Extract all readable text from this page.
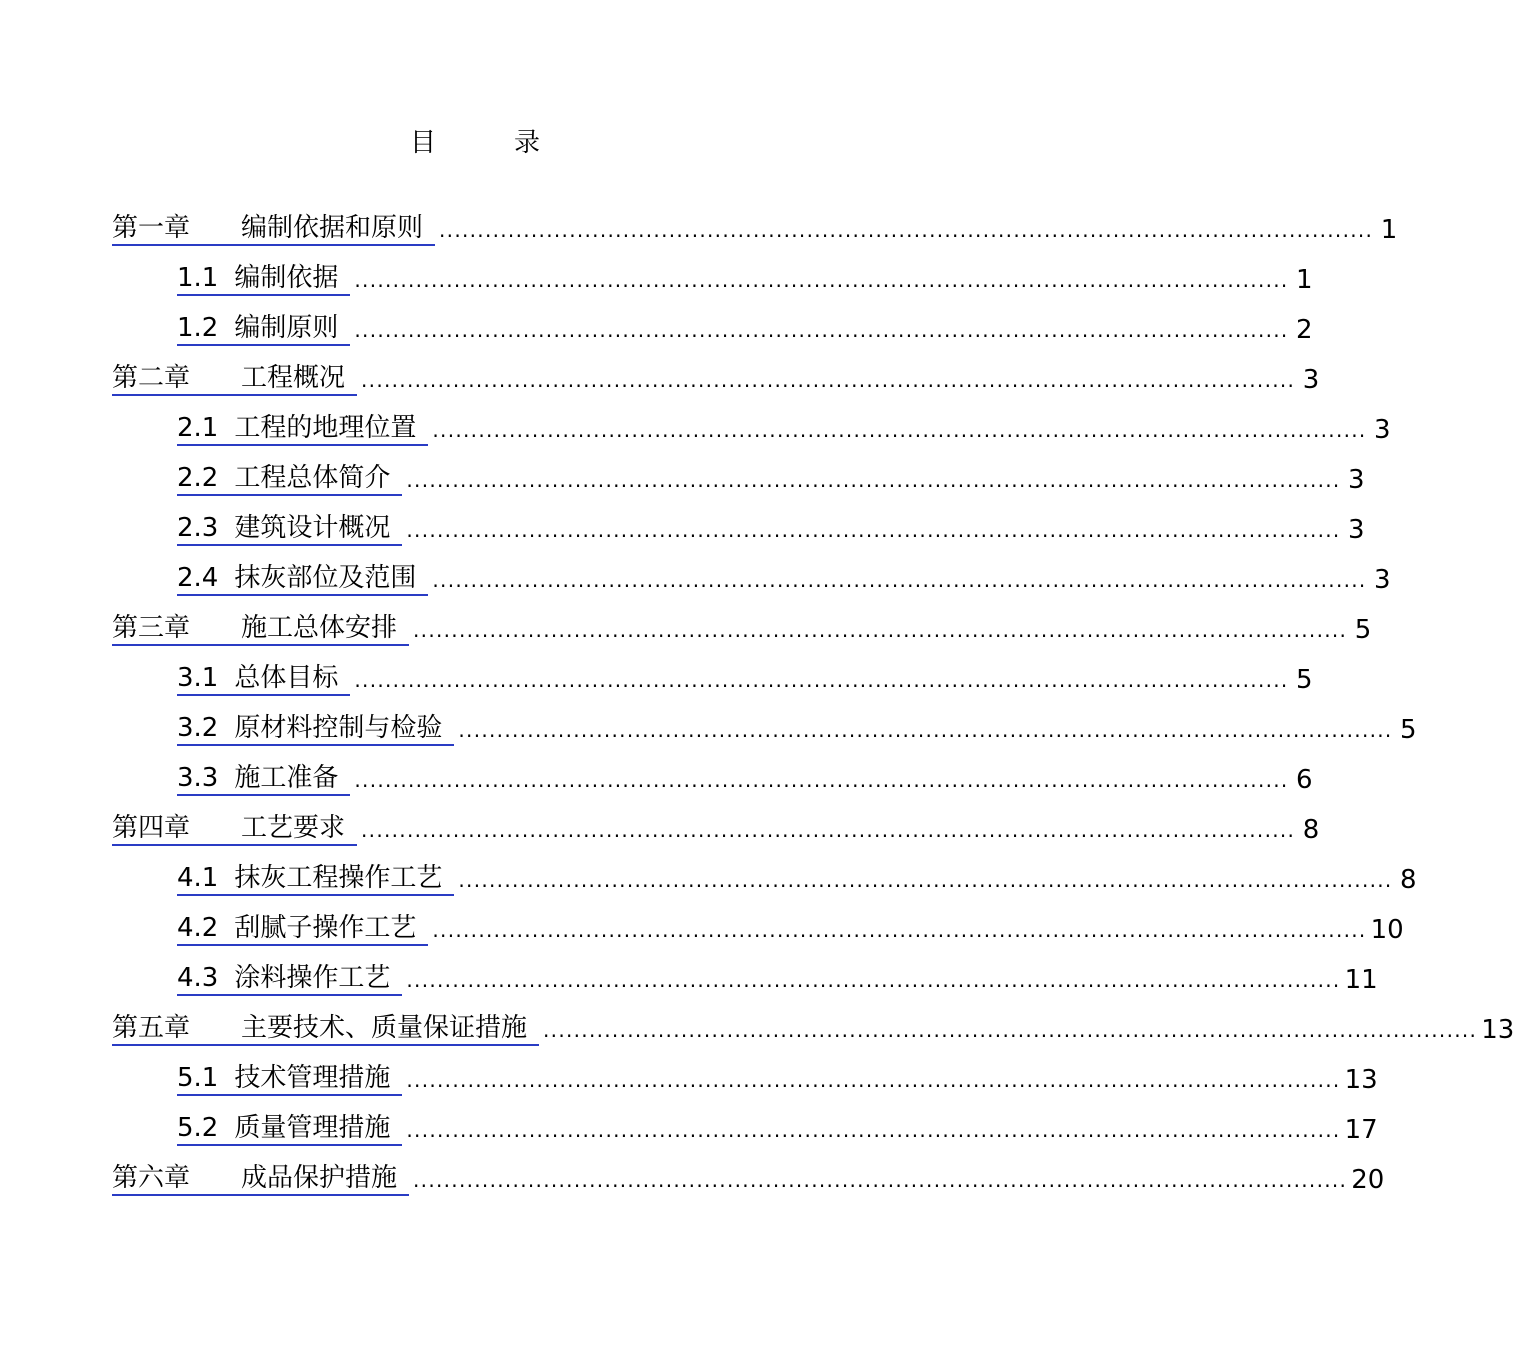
目	录
第一章 编制依据和原则 .......................................................................................................................... 1
1.1 编制依据 .......................................................................................................................... 1
1.2 编制原则 .......................................................................................................................... 2
第二章 工程概况 .......................................................................................................................... 3
2.1 工程的地理位置 .......................................................................................................................... 3
2.2 工程总体简介 .......................................................................................................................... 3
2.3 建筑设计概况 .......................................................................................................................... 3
2.4 抹灰部位及范围 .......................................................................................................................... 3
第三章 施工总体安排 .......................................................................................................................... 5
3.1 总体目标 .......................................................................................................................... 5
3.2 原材料控制与检验 .......................................................................................................................... 5
3.3 施工准备 .......................................................................................................................... 6
第四章 工艺要求 .......................................................................................................................... 8
4.1 抹灰工程操作工艺 .......................................................................................................................... 8
4.2 刮腻子操作工艺 .......................................................................................................................... 10
4.3 涂料操作工艺 .......................................................................................................................... 11
第五章 主要技术、质量保证措施 .......................................................................................................................... 13
5.1 技术管理措施 .......................................................................................................................... 13
5.2 质量管理措施 .......................................................................................................................... 17
第六章 成品保护措施 .......................................................................................................................... 20
